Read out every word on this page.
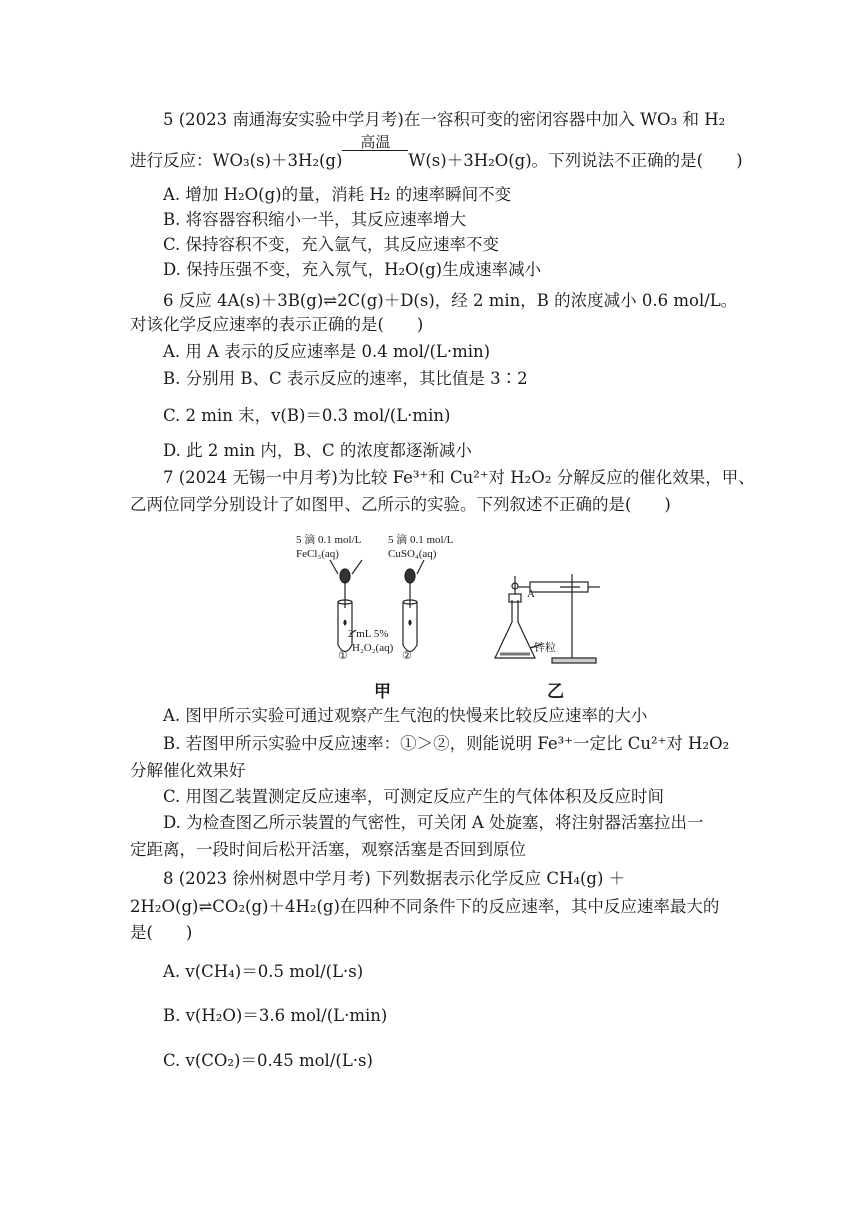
5 (2023 南通海安实验中学月考)在一容积可变的密闭容器中加入 WO₃ 和 H₂
进行反应：WO₃(s)＋3H₂(g)
高温
W(s)＋3H₂O(g)。下列说法不正确的是(　　)
A. 增加 H₂O(g)的量，消耗 H₂ 的速率瞬间不变
B. 将容器容积缩小一半，其反应速率增大
C. 保持容积不变，充入氩气，其反应速率不变
D. 保持压强不变，充入氖气，H₂O(g)生成速率减小
6 反应 4A(s)＋3B(g)⇌2C(g)＋D(s)，经 2 min，B 的浓度减小 0.6 mol/L。
对该化学反应速率的表示正确的是(　　)
A. 用 A 表示的反应速率是 0.4 mol/(L·min)
B. 分别用 B、C 表示反应的速率，其比值是 3∶2
C. 2 min 末，v(B)＝0.3 mol/(L·min)
D. 此 2 min 内，B、C 的浓度都逐渐减小
7 (2024 无锡一中月考)为比较 Fe³⁺和 Cu²⁺对 H₂O₂ 分解反应的催化效果，甲、
乙两位同学分别设计了如图甲、乙所示的实验。下列叙述不正确的是(　　)
5 滴 0.1 mol/L
FeCl₃(aq)
5 滴 0.1 mol/L
CuSO₄(aq)
2 mL 5%
H₂O₂(aq)
①	②
A
锌粒
甲	乙
A. 图甲所示实验可通过观察产生气泡的快慢来比较反应速率的大小
B. 若图甲所示实验中反应速率：①＞②，则能说明 Fe³⁺一定比 Cu²⁺对 H₂O₂
分解催化效果好
C. 用图乙装置测定反应速率，可测定反应产生的气体体积及反应时间
D. 为检查图乙所示装置的气密性，可关闭 A 处旋塞，将注射器活塞拉出一
定距离，一段时间后松开活塞，观察活塞是否回到原位
8 (2023 徐州树恩中学月考) 下列数据表示化学反应 CH₄(g) ＋
2H₂O(g)⇌CO₂(g)＋4H₂(g)在四种不同条件下的反应速率，其中反应速率最大的
是(　　)
A. v(CH₄)＝0.5 mol/(L·s)
B. v(H₂O)＝3.6 mol/(L·min)
C. v(CO₂)＝0.45 mol/(L·s)
